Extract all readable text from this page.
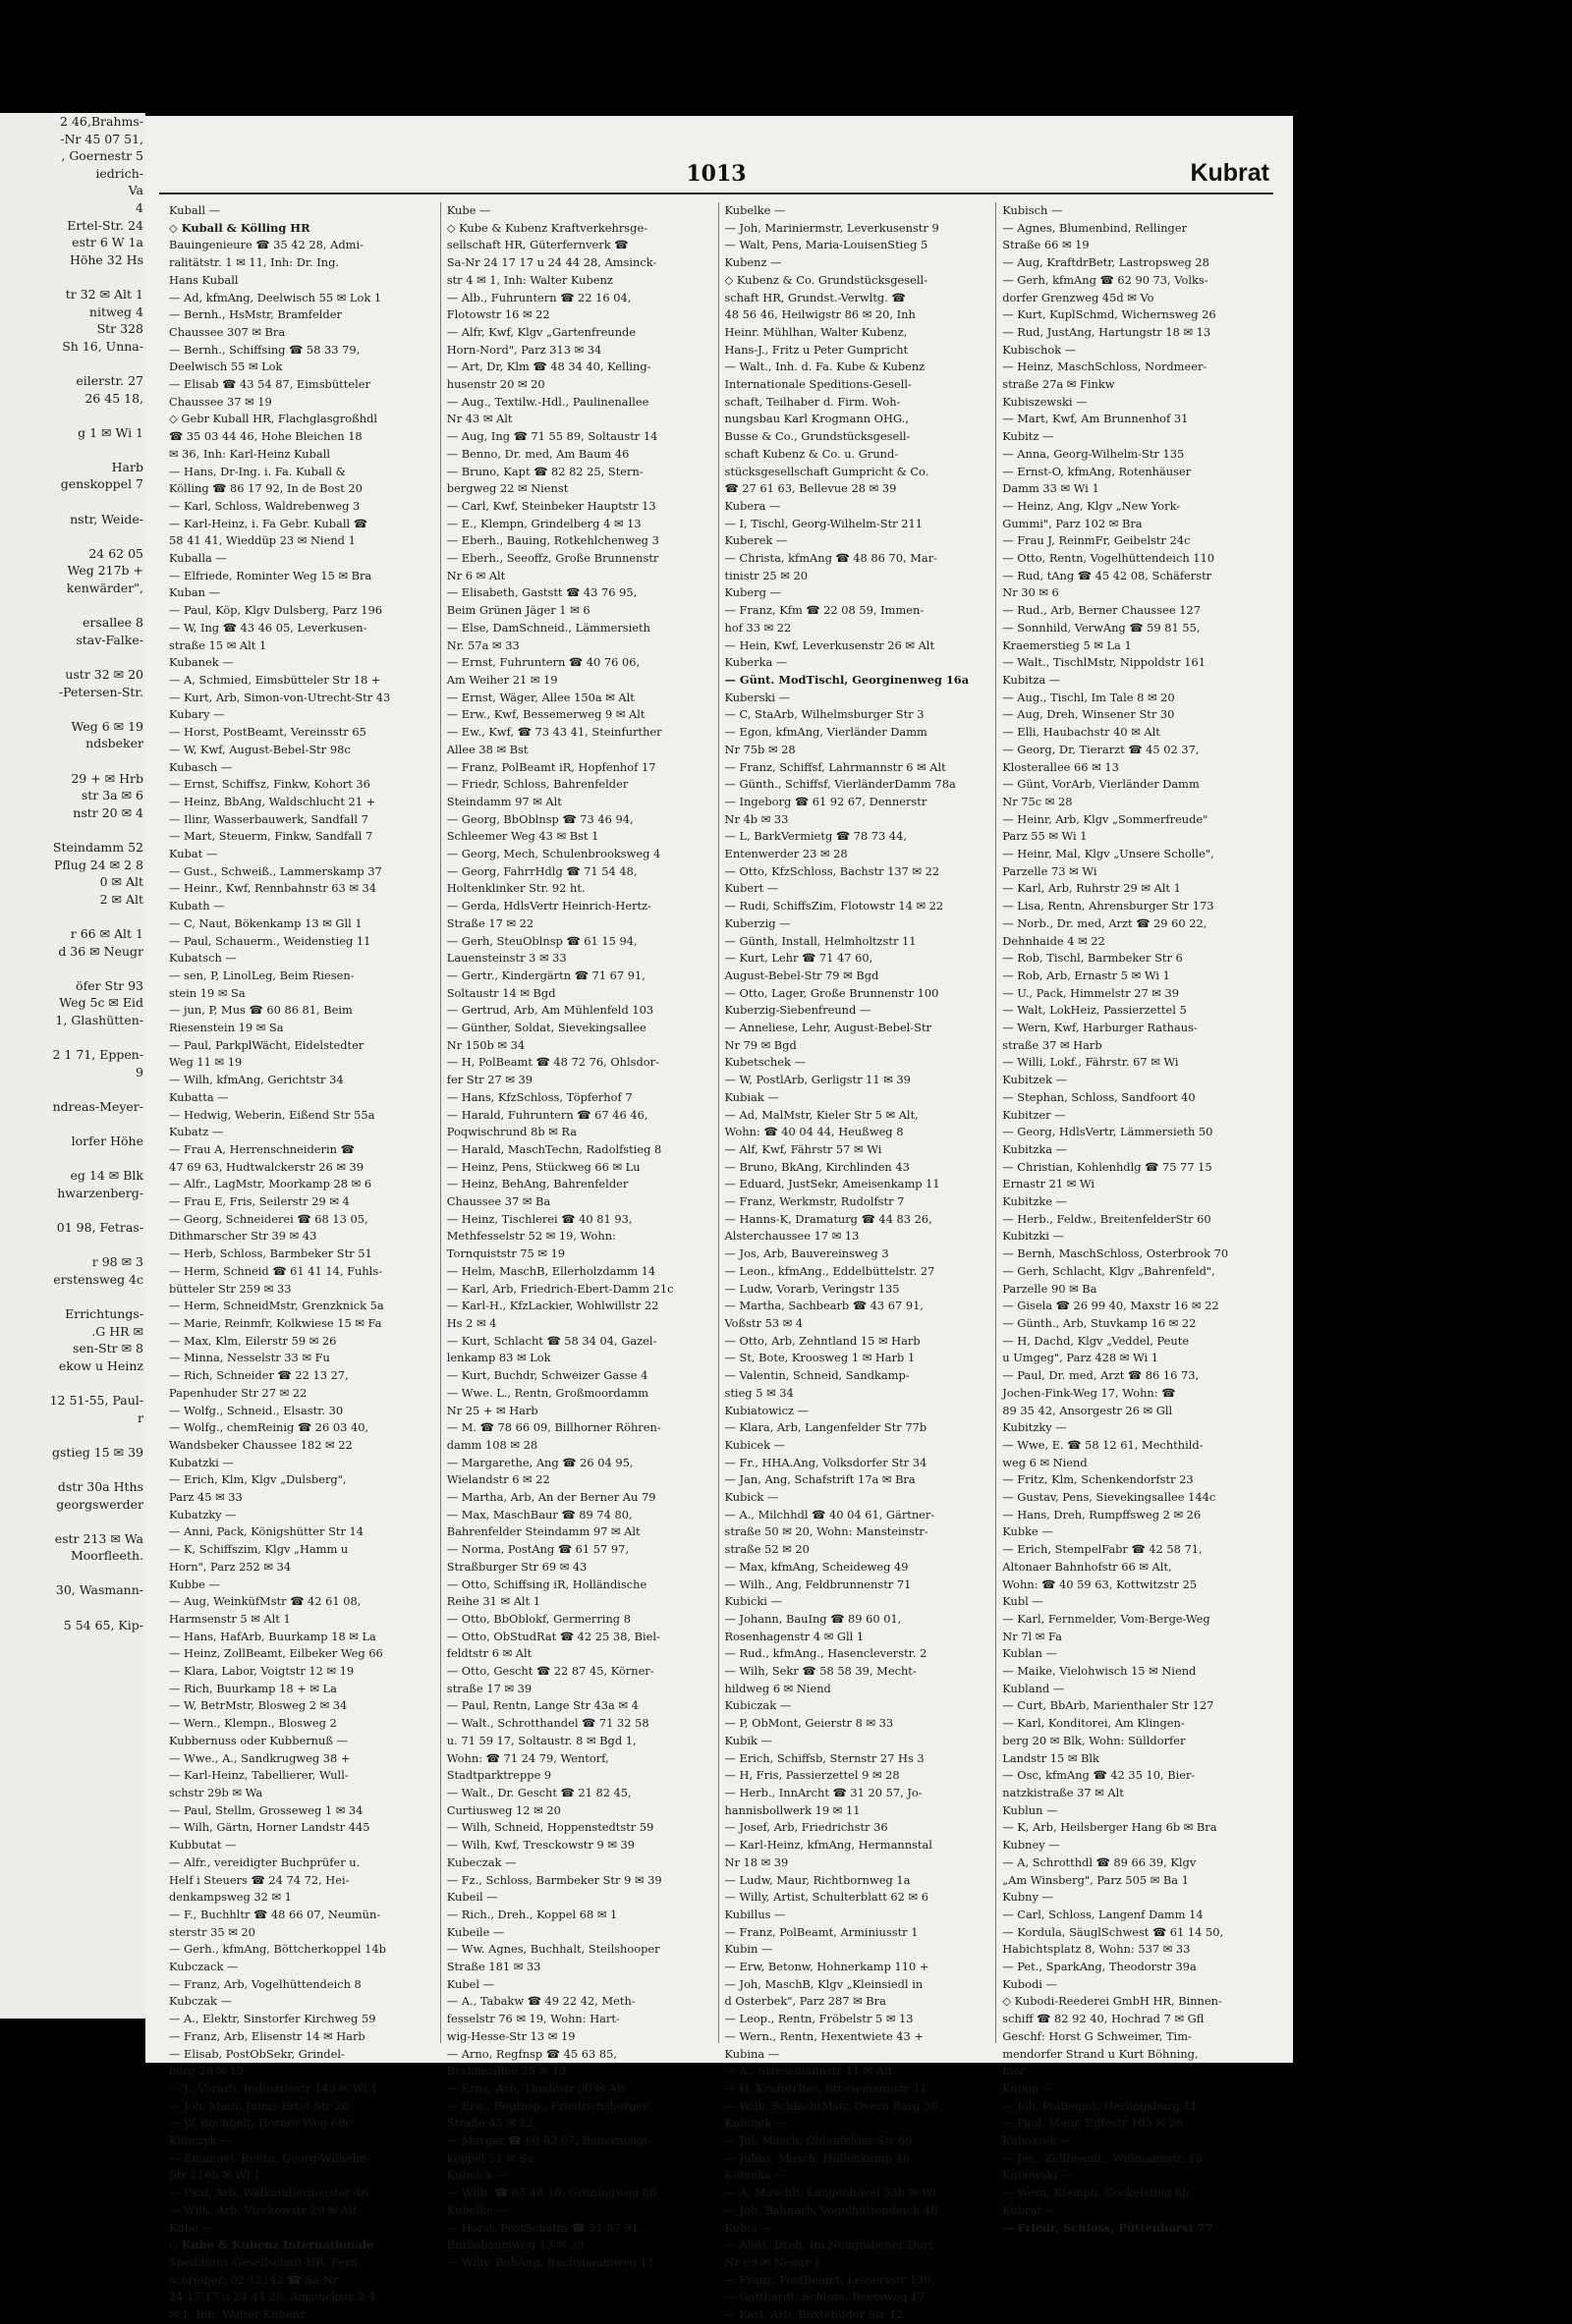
2 46,Brahms-
-Nr 45 07 51,
, Goernestr 5
iedrich-
Va
4
Ertel-Str. 24
estr 6 W 1a
Höhe 32 Hs

tr 32 ✉ Alt 1
nitweg 4
Str 328
Sh 16, Unna-

eilerstr. 27
26 45 18,

g 1 ✉ Wi 1

Harb
genskoppel 7

nstr, Weide-

24 62 05
Weg 217b +
kenwärder",

ersallee 8
stav-Falke-

ustr 32 ✉ 20
-Petersen-Str.

Weg 6 ✉ 19
ndsbeker

29 + ✉ Hrb
str 3a ✉ 6
nstr 20 ✉ 4

Steindamm 52
Pflug 24 ✉ 2 8
0 ✉ Alt
2 ✉ Alt

r 66 ✉ Alt 1
d 36 ✉ Neugr

öfer Str 93
Weg 5c ✉ Eid
1, Glashütten-

2 1 71, Eppen-
9

ndreas-Meyer-

lorfer Höhe

eg 14 ✉ Blk
hwarzenberg-

01 98, Fetras-

r 98 ✉ 3
erstensweg 4c

Errichtungs-
.G HR ✉
sen-Str ✉ 8
ekow u Heinz

12 51-55, Paul-
r

gstieg 15 ✉ 39

dstr 30a Hths
georgswerder

estr 213 ✉ Wa
Moorfleeth.

30, Wasmann-

5 54 65, Kip-
1013	Kubrat
Kuball —
◇ Kuball & Kölling HR
Bauingenieure ☎ 35 42 28, Admi-
ralitätstr. 1 ✉ 11, Inh: Dr. Ing.
Hans Kuball
— Ad, kfmAng, Deelwisch 55 ✉ Lok 1
— Bernh., HsMstr, Bramfelder
Chaussee 307 ✉ Bra
— Bernh., Schiffsing ☎ 58 33 79,
Deelwisch 55 ✉ Lok
— Elisab ☎ 43 54 87, Eimsbütteler
Chaussee 37 ✉ 19
◇ Gebr Kuball HR, Flachglasgroßhdl
☎ 35 03 44 46, Hohe Bleichen 18
✉ 36, Inh: Karl-Heinz Kuball
— Hans, Dr-Ing. i. Fa. Kuball &
Kölling ☎ 86 17 92, In de Bost 20
— Karl, Schloss, Waldrebenweg 3
— Karl-Heinz, i. Fa Gebr. Kuball ☎
58 41 41, Wieddüp 23 ✉ Niend 1
Kuballa —
— Elfriede, Rominter Weg 15 ✉ Bra
Kuban —
— Paul, Köp, Klgv Dulsberg, Parz 196
— W, Ing ☎ 43 46 05, Leverkusen-
straße 15 ✉ Alt 1
Kubanek —
— A, Schmied, Eimsbütteler Str 18 +
— Kurt, Arb, Simon-von-Utrecht-Str 43
Kubary —
— Horst, PostBeamt, Vereinsstr 65
— W, Kwf, August-Bebel-Str 98c
Kubasch —
— Ernst, Schiffsz, Finkw, Kohort 36
— Heinz, BbAng, Waldschlucht 21 +
— Ilinr, Wasserbauwerk, Sandfall 7
— Mart, Steuerm, Finkw, Sandfall 7
Kubat —
— Gust., Schweiß., Lammerskamp 37
— Heinr., Kwf, Rennbahnstr 63 ✉ 34
Kubath —
— C, Naut, Bökenkamp 13 ✉ Gll 1
— Paul, Schauerm., Weidenstieg 11
Kubatsch —
— sen, P, LinolLeg, Beim Riesen-
stein 19 ✉ Sa
— jun, P, Mus ☎ 60 86 81, Beim
Riesenstein 19 ✉ Sa
— Paul, ParkplWächt, Eidelstedter
Weg 11 ✉ 19
— Wilh, kfmAng, Gerichtstr 34
Kubatta —
— Hedwig, Weberin, Eißend Str 55a
Kubatz —
— Frau A, Herrenschneiderin ☎
47 69 63, Hudtwalckerstr 26 ✉ 39
— Alfr., LagMstr, Moorkamp 28 ✉ 6
— Frau E, Fris, Seilerstr 29 ✉ 4
— Georg, Schneiderei ☎ 68 13 05,
Dithmarscher Str 39 ✉ 43
— Herb, Schloss, Barmbeker Str 51
— Herm, Schneid ☎ 61 41 14, Fuhls-
bütteler Str 259 ✉ 33
— Herm, SchneidMstr, Grenzknick 5a
— Marie, Reinmfr, Kolkwiese 15 ✉ Fa
— Max, Klm, Eilerstr 59 ✉ 26
— Minna, Nesselstr 33 ✉ Fu
— Rich, Schneider ☎ 22 13 27,
Papenhuder Str 27 ✉ 22
— Wolfg., Schneid., Elsastr. 30
— Wolfg., chemReinig ☎ 26 03 40,
Wandsbeker Chaussee 182 ✉ 22
Kubatzki —
— Erich, Klm, Klgv „Dulsberg",
Parz 45 ✉ 33
Kubatzky —
— Anni, Pack, Königshütter Str 14
— K, Schiffszim, Klgv „Hamm u
Horn", Parz 252 ✉ 34
Kubbe —
— Aug, WeinküfMstr ☎ 42 61 08,
Harmsenstr 5 ✉ Alt 1
— Hans, HafArb, Buurkamp 18 ✉ La
— Heinz, ZollBeamt, Eilbeker Weg 66
— Klara, Labor, Voigtstr 12 ✉ 19
— Rich, Buurkamp 18 + ✉ La
— W, BetrMstr, Blosweg 2 ✉ 34
— Wern., Klempn., Blosweg 2
Kubbernuss oder Kubbernuß —
— Wwe., A., Sandkrugweg 38 +
— Karl-Heinz, Tabellierer, Wull-
schstr 29b ✉ Wa
— Paul, Stellm, Grosseweg 1 ✉ 34
— Wilh, Gärtn, Horner Landstr 445
Kubbutat —
— Alfr., vereidigter Buchprüfer u.
Helf i Steuers ☎ 24 74 72, Hei-
denkampsweg 32 ✉ 1
— F., Buchhltr ☎ 48 66 07, Neumün-
sterstr 35 ✉ 20
— Gerh., kfmAng, Böttcherkoppel 14b
Kubczack —
— Franz, Arb, Vogelhüttendeich 8
Kubczak —
— A., Elektr, Sinstorfer Kirchweg 59
— Franz, Arb, Elisenstr 14 ✉ Harb
— Elisab, PostObSekr, Grindel-
berg 58 ✉ 13
— J., Vorarb, Industriestr 143 ✉ Wi 1
— Joh, Maur, Julius-Ertel-Str 20
— W, Buchhalt, Horner Weg 68c
Kubczyk —
— Emanuel, Rentn, Georg-Wilhelm-
Str 116b ✉ Wi 1
— Paul, Arb, Walkmüllermeister 46
— Wilh, Arb, Virchowstr 29 ✉ Alt
Kube —
◇ Kube & Kubenz Internationale
Speditions-Gesellschaft HR, Fern-
schreiber: 02-12142 ☎ Sa-Nr
24 17 17 u 24 44 28, Amsinckstr 2-4
✉ 1, Inh: Walter Kubenz
Kube —
◇ Kube & Kubenz Kraftverkehrsge-
sellschaft HR, Güterfernverk ☎
Sa-Nr 24 17 17 u 24 44 28, Amsinck-
str 4 ✉ 1, Inh: Walter Kubenz
— Alb., Fuhruntern ☎ 22 16 04,
Flotowstr 16 ✉ 22
— Alfr, Kwf, Klgv „Gartenfreunde
Horn-Nord", Parz 313 ✉ 34
— Art, Dr, Klm ☎ 48 34 40, Kelling-
husenstr 20 ✉ 20
— Aug., Textilw.-Hdl., Paulinenallee
Nr 43 ✉ Alt
— Aug, Ing ☎ 71 55 89, Soltaustr 14
— Benno, Dr. med, Am Baum 46
— Bruno, Kapt ☎ 82 82 25, Stern-
bergweg 22 ✉ Nienst
— Carl, Kwf, Steinbeker Hauptstr 13
— E., Klempn, Grindelberg 4 ✉ 13
— Eberh., Bauing, Rotkehlchenweg 3
— Eberh., Seeoffz, Große Brunnenstr
Nr 6 ✉ Alt
— Elisabeth, Gaststt ☎ 43 76 95,
Beim Grünen Jäger 1 ✉ 6
— Else, DamSchneid., Lämmersieth
Nr. 57a ✉ 33
— Ernst, Fuhruntern ☎ 40 76 06,
Am Weiher 21 ✉ 19
— Ernst, Wäger, Allee 150a ✉ Alt
— Erw., Kwf, Bessemerweg 9 ✉ Alt
— Ew., Kwf, ☎ 73 43 41, Steinfurther
Allee 38 ✉ Bst
— Franz, PolBeamt iR, Hopfenhof 17
— Friedr, Schloss, Bahrenfelder
Steindamm 97 ✉ Alt
— Georg, BbOblnsp ☎ 73 46 94,
Schleemer Weg 43 ✉ Bst 1
— Georg, Mech, Schulenbrooksweg 4
— Georg, FahrrHdlg ☎ 71 54 48,
Holtenklinker Str. 92 ht.
— Gerda, HdlsVertr Heinrich-Hertz-
Straße 17 ✉ 22
— Gerh, SteuOblnsp ☎ 61 15 94,
Lauensteinstr 3 ✉ 33
— Gertr., Kindergärtn ☎ 71 67 91,
Soltaustr 14 ✉ Bgd
— Gertrud, Arb, Am Mühlenfeld 103
— Günther, Soldat, Sievekingsallee
Nr 150b ✉ 34
— H, PolBeamt ☎ 48 72 76, Ohlsdor-
fer Str 27 ✉ 39
— Hans, KfzSchloss, Töpferhof 7
— Harald, Fuhruntern ☎ 67 46 46,
Poqwischrund 8b ✉ Ra
— Harald, MaschTechn, Radolfstieg 8
— Heinz, Pens, Stückweg 66 ✉ Lu
— Heinz, BehAng, Bahrenfelder
Chaussee 37 ✉ Ba
— Heinz, Tischlerei ☎ 40 81 93,
Methfesselstr 52 ✉ 19, Wohn:
Tornquiststr 75 ✉ 19
— Helm, MaschB, Ellerholzdamm 14
— Karl, Arb, Friedrich-Ebert-Damm 21c
— Karl-H., KfzLackier, Wohlwillstr 22
Hs 2 ✉ 4
— Kurt, Schlacht ☎ 58 34 04, Gazel-
lenkamp 83 ✉ Lok
— Kurt, Buchdr, Schweizer Gasse 4
— Wwe. L., Rentn, Großmoordamm
Nr 25 + ✉ Harb
— M. ☎ 78 66 09, Billhorner Röhren-
damm 108 ✉ 28
— Margarethe, Ang ☎ 26 04 95,
Wielandstr 6 ✉ 22
— Martha, Arb, An der Berner Au 79
— Max, MaschBaur ☎ 89 74 80,
Bahrenfelder Steindamm 97 ✉ Alt
— Norma, PostAng ☎ 61 57 97,
Straßburger Str 69 ✉ 43
— Otto, Schiffsing iR, Holländische
Reihe 31 ✉ Alt 1
— Otto, BbOblokf, Germerring 8
— Otto, ObStudRat ☎ 42 25 38, Biel-
feldtstr 6 ✉ Alt
— Otto, Gescht ☎ 22 87 45, Körner-
straße 17 ✉ 39
— Paul, Rentn, Lange Str 43a ✉ 4
— Walt., Schrotthandel ☎ 71 32 58
u. 71 59 17, Soltaustr. 8 ✉ Bgd 1,
Wohn: ☎ 71 24 79, Wentorf,
Stadtparktreppe 9
— Walt., Dr. Gescht ☎ 21 82 45,
Curtiusweg 12 ✉ 20
— Wilh, Schneid, Hoppenstedtstr 59
— Wilh, Kwf, Tresckowstr 9 ✉ 39
Kubeczak —
— Fz., Schloss, Barmbeker Str 9 ✉ 39
Kubeil —
— Rich., Dreh., Koppel 68 ✉ 1
Kubeile —
— Ww. Agnes, Buchhalt, Steilshooper
Straße 181 ✉ 33
Kubel —
— A., Tabakw ☎ 49 22 42, Meth-
fesselstr 76 ✉ 19, Wohn: Hart-
wig-Hesse-Str 13 ✉ 19
— Arno, Regfnsp ☎ 45 63 85,
Brahmsallee 25 ✉ 13
— Erna, Arb, Thedestr 90 ✉ Alt
— Erw., Regfnsp., Friedrichsberger
Straße 45 ✉ 22
— Margar ☎ 60 83 07, Bauernvogt-
koppel 51 ✉ Sa
Kubelck —
— Wilh. ☎ 65 48 10, Grüningweg 8b
Kubelke —
— Horst, PostSchaffn ☎ 51 97 91,
Burbsbaumweg 13 ✉ 39
— Willy, BehAng, Buchsbaumweg 11
Kubelke —
— Joh, Mariniermstr, Leverkusenstr 9
— Walt, Pens, Maria-LouisenStieg 5
Kubenz —
◇ Kubenz & Co. Grundstücksgesell-
schaft HR, Grundst.-Verwltg. ☎
48 56 46, Heilwigstr 86 ✉ 20, Inh
Heinr. Mühlhan, Walter Kubenz,
Hans-J., Fritz u Peter Gumpricht
— Walt., Inh. d. Fa. Kube & Kubenz
Internationale Speditions-Gesell-
schaft, Teilhaber d. Firm. Woh-
nungsbau Karl Krogmann OHG.,
Busse & Co., Grundstücksgesell-
schaft Kubenz & Co. u. Grund-
stücksgesellschaft Gumpricht & Co.
☎ 27 61 63, Bellevue 28 ✉ 39
Kubera —
— I, Tischl, Georg-Wilhelm-Str 211
Kuberek —
— Christa, kfmAng ☎ 48 86 70, Mar-
tinistr 25 ✉ 20
Kuberg —
— Franz, Kfm ☎ 22 08 59, Immen-
hof 33 ✉ 22
— Hein, Kwf, Leverkusenstr 26 ✉ Alt
Kuberka —
— Günt. ModTischl, Georginenweg 16a
Kuberski —
— C, StaArb, Wilhelmsburger Str 3
— Egon, kfmAng, Vierländer Damm
Nr 75b ✉ 28
— Franz, Schiffsf, Lahrmannstr 6 ✉ Alt
— Günth., Schiffsf, VierländerDamm 78a
— Ingeborg ☎ 61 92 67, Dennerstr
Nr 4b ✉ 33
— L, BarkVermietg ☎ 78 73 44,
Entenwerder 23 ✉ 28
— Otto, KfzSchloss, Bachstr 137 ✉ 22
Kubert —
— Rudi, SchiffsZim, Flotowstr 14 ✉ 22
Kuberzig —
— Günth, Install, Helmholtzstr 11
— Kurt, Lehr ☎ 71 47 60,
August-Bebel-Str 79 ✉ Bgd
— Otto, Lager, Große Brunnenstr 100
Kuberzig-Siebenfreund —
— Anneliese, Lehr, August-Bebel-Str
Nr 79 ✉ Bgd
Kubetschek —
— W, PostlArb, Gerligstr 11 ✉ 39
Kubiak —
— Ad, MalMstr, Kieler Str 5 ✉ Alt,
Wohn: ☎ 40 04 44, Heußweg 8
— Alf, Kwf, Fährstr 57 ✉ Wi
— Bruno, BkAng, Kirchlinden 43
— Eduard, JustSekr, Ameisenkamp 11
— Franz, Werkmstr, Rudolfstr 7
— Hanns-K, Dramaturg ☎ 44 83 26,
Alsterchaussee 17 ✉ 13
— Jos, Arb, Bauvereinsweg 3
— Leon., kfmAng., Eddelbüttelstr. 27
— Ludw, Vorarb, Veringstr 135
— Martha, Sachbearb ☎ 43 67 91,
Voßstr 53 ✉ 4
— Otto, Arb, Zehntland 15 ✉ Harb
— St, Bote, Kroosweg 1 ✉ Harb 1
— Valentin, Schneid, Sandkamp-
stieg 5 ✉ 34
Kubiatowicz —
— Klara, Arb, Langenfelder Str 77b
Kubicek —
— Fr., HHA.Ang, Volksdorfer Str 34
— Jan, Ang, Schafstrift 17a ✉ Bra
Kubick —
— A., Milchhdl ☎ 40 04 61, Gärtner-
straße 50 ✉ 20, Wohn: Mansteinstr-
straße 52 ✉ 20
— Max, kfmAng, Scheideweg 49
— Wilh., Ang, Feldbrunnenstr 71
Kubicki —
— Johann, BauIng ☎ 89 60 01,
Rosenhagenstr 4 ✉ Gll 1
— Rud., kfmAng., Hasencleverstr. 2
— Wilh, Sekr ☎ 58 58 39, Mecht-
hildweg 6 ✉ Niend
Kubiczak —
— P, ObMont, Geierstr 8 ✉ 33
Kubik —
— Erich, Schiffsb, Sternstr 27 Hs 3
— H, Fris, Passierzettel 9 ✉ 28
— Herb., InnArcht ☎ 31 20 57, Jo-
hannisbollwerk 19 ✉ 11
— Josef, Arb, Friedrichstr 36
— Karl-Heinz, kfmAng, Hermannstal
Nr 18 ✉ 39
— Ludw, Maur, Richtbornweg 1a
— Willy, Artist, Schulterblatt 62 ✉ 6
Kubillus —
— Franz, PolBeamt, Arminiusstr 1
Kubin —
— Erw, Betonw, Hohnerkamp 110 +
— Joh, MaschB, Klgv „Kleinsiedl in
d Osterbek", Parz 287 ✉ Bra
— Leop., Rentn, Fröbelstr 5 ✉ 13
— Wern., Rentn, Hexentwiete 43 +
Kubina —
— A., Stresemannstr 11 ✉ Alt
— H, KraftdrBes, Stresemannstr 11
— Wilh, SchlachtMstr, Overn Barg 39
Kubinek —
— Jul, Masch, Oldenfelder Str 69
— Julius, Masch, Hüllenkamp 46
Kubinka —
— A, MaschB, Langenhövel 53b ✉ Wi
— Joh, Bahnarb, Vogelhüttendeich 48
Kubis —
— Alois, Dreh, Im Neugrabener Dorf
Nr 69 ✉ Neugr 1
— Franz, PostBeamt, Lessersstr 139
— Gotthardt, Schloss, Beetsweg 17
— Karl, Arb, Buxtehuder Str 12
Kubisch —
— Agnes, Blumenbind, Rellinger
Straße 66 ✉ 19
— Aug, KraftdrBetr, Lastropsweg 28
— Gerh, kfmAng ☎ 62 90 73, Volks-
dorfer Grenzweg 45d ✉ Vo
— Kurt, KuplSchmd, Wichernsweg 26
— Rud, JustAng, Hartungstr 18 ✉ 13
Kubischok —
— Heinz, MaschSchloss, Nordmeer-
straße 27a ✉ Finkw
Kubiszewski —
— Mart, Kwf, Am Brunnenhof 31
Kubitz —
— Anna, Georg-Wilhelm-Str 135
— Ernst-O, kfmAng, Rotenhäuser
Damm 33 ✉ Wi 1
— Heinz, Ang, Klgv „New York-
Gummi", Parz 102 ✉ Bra
— Frau J, ReinmFr, Geibelstr 24c
— Otto, Rentn, Vogelhüttendeich 110
— Rud, tAng ☎ 45 42 08, Schäferstr
Nr 30 ✉ 6
— Rud., Arb, Berner Chaussee 127
— Sonnhild, VerwAng ☎ 59 81 55,
Kraemerstieg 5 ✉ La 1
— Walt., TischlMstr, Nippoldstr 161
Kubitza —
— Aug., Tischl, Im Tale 8 ✉ 20
— Aug, Dreh, Winsener Str 30
— Elli, Haubachstr 40 ✉ Alt
— Georg, Dr, Tierarzt ☎ 45 02 37,
Klosterallee 66 ✉ 13
— Günt, VorArb, Vierländer Damm
Nr 75c ✉ 28
— Heinr, Arb, Klgv „Sommerfreude"
Parz 55 ✉ Wi 1
— Heinr, Mal, Klgv „Unsere Scholle",
Parzelle 73 ✉ Wi
— Karl, Arb, Ruhrstr 29 ✉ Alt 1
— Lisa, Rentn, Ahrensburger Str 173
— Norb., Dr. med, Arzt ☎ 29 60 22,
Dehnhaide 4 ✉ 22
— Rob, Tischl, Barmbeker Str 6
— Rob, Arb, Ernastr 5 ✉ Wi 1
— U., Pack, Himmelstr 27 ✉ 39
— Walt, LokHeiz, Passierzettel 5
— Wern, Kwf, Harburger Rathaus-
straße 37 ✉ Harb
— Willi, Lokf., Fährstr. 67 ✉ Wi
Kubitzek —
— Stephan, Schloss, Sandfoort 40
Kubitzer —
— Georg, HdlsVertr, Lämmersieth 50
Kubitzka —
— Christian, Kohlenhdlg ☎ 75 77 15
Ernastr 21 ✉ Wi
Kubitzke —
— Herb., Feldw., BreitenfelderStr 60
Kubitzki —
— Bernh, MaschSchloss, Osterbrook 70
— Gerh, Schlacht, Klgv „Bahrenfeld",
Parzelle 90 ✉ Ba
— Gisela ☎ 26 99 40, Maxstr 16 ✉ 22
— Günth., Arb, Stuvkamp 16 ✉ 22
— H, Dachd, Klgv „Veddel, Peute
u Umgeg", Parz 428 ✉ Wi 1
— Paul, Dr. med, Arzt ☎ 86 16 73,
Jochen-Fink-Weg 17, Wohn: ☎
89 35 42, Ansorgestr 26 ✉ Gll
Kubitzky —
— Wwe, E. ☎ 58 12 61, Mechthild-
weg 6 ✉ Niend
— Fritz, Klm, Schenkendorfstr 23
— Gustav, Pens, Sievekingsallee 144c
— Hans, Dreh, Rumpffsweg 2 ✉ 26
Kubke —
— Erich, StempelFabr ☎ 42 58 71,
Altonaer Bahnhofstr 66 ✉ Alt,
Wohn: ☎ 40 59 63, Kottwitzstr 25
Kubl —
— Karl, Fernmelder, Vom-Berge-Weg
Nr 7l ✉ Fa
Kublan —
— Maike, Vielohwisch 15 ✉ Niend
Kubland —
— Curt, BbArb, Marienthaler Str 127
— Karl, Konditorei, Am Klingen-
berg 20 ✉ Blk, Wohn: Sülldorfer
Landstr 15 ✉ Blk
— Osc, kfmAng ☎ 42 35 10, Bier-
natzkistraße 37 ✉ Alt
Kublun —
— K, Arb, Heilsberger Hang 6b ✉ Bra
Kubney —
— A, Schrotthdl ☎ 89 66 39, Klgv
„Am Winsberg", Parz 505 ✉ Ba 1
Kubny —
— Carl, Schloss, Langenf Damm 14
— Kordula, SäuglSchwest ☎ 61 14 50,
Habichtsplatz 8, Wohn: 537 ✉ 33
— Pet., SparkAng, Theodorstr 39a
Kubodi —
◇ Kubodi-Reederei GmbH HR, Binnen-
schiff ☎ 82 92 40, Hochrad 7 ✉ Gfl
Geschf: Horst G Schweimer, Tim-
mendorfer Strand u Kurt Böhning,
hier
Kubon —
— Joh, PolBeamt, Herlingsburg 11
— Paul, Maur, Eiffestr 105 ✉ 26
Kuboszek —
— Jos., Zollbeamt., Wißmannstr. 15
Kubowski —
— Wern, Klempn, Gockelstieg 6b
Kubrat —
— Friedr, Schloss, Püttenhorst 77
